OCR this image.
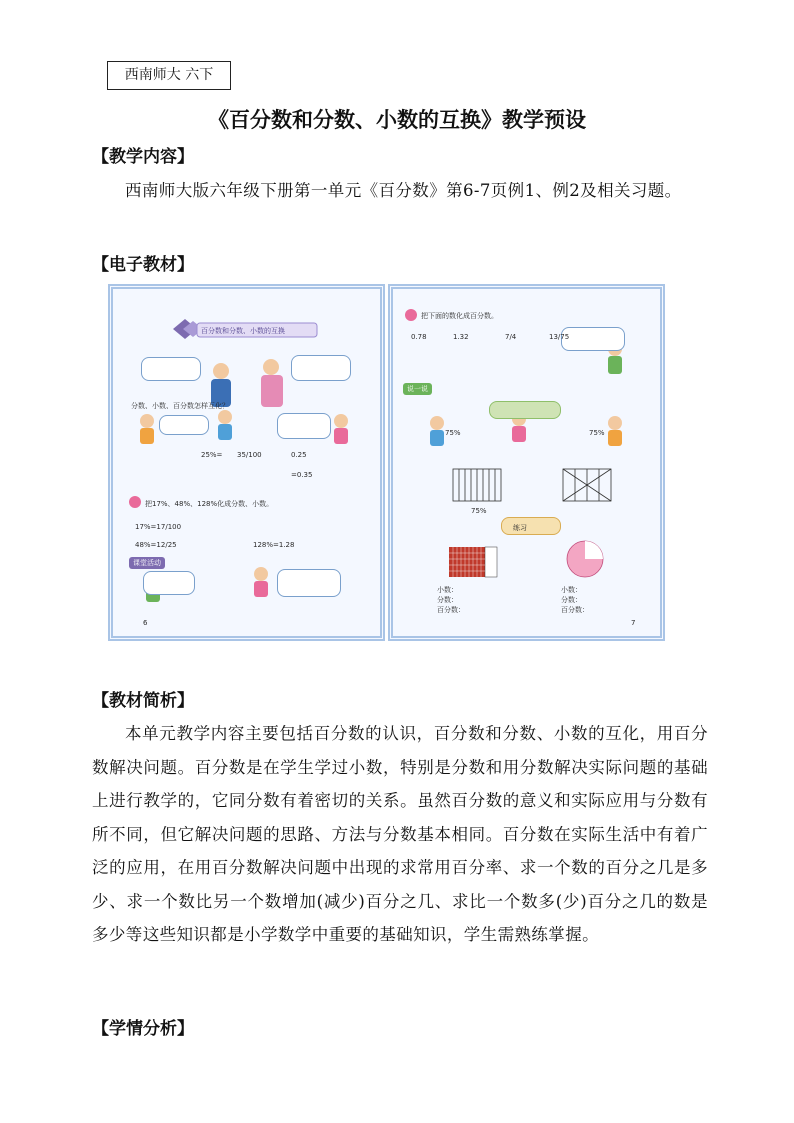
西南师大 六下
《百分数和分数、小数的互换》教学预设
【教学内容】
西南师大版六年级下册第一单元《百分数》第6-7页例1、例2及相关习题。
【电子教材】
百分数和分数、小数的互换
分数、小数、百分数怎样互化？
25%=	0.25
35/100
=0.35
把17%、48%、128%化成分数、小数。
17%=17/100
48%=12/25	128%=1.28
课堂活动
6
把下面的数化成百分数。
0.78	1.32	7/4	13/75
说一说
练习
75%	75%
75%
小数：
分数：
百分数：
小数：
分数：
百分数：
7
【教材简析】
本单元教学内容主要包括百分数的认识，百分数和分数、小数的互化，用百分数解决问题。百分数是在学生学过小数，特别是分数和用分数解决实际问题的基础上进行教学的，它同分数有着密切的关系。虽然百分数的意义和实际应用与分数有所不同，但它解决问题的思路、方法与分数基本相同。百分数在实际生活中有着广泛的应用，在用百分数解决问题中出现的求常用百分率、求一个数的百分之几是多少、求一个数比另一个数增加(减少)百分之几、求比一个数多(少)百分之几的数是多少等这些知识都是小学数学中重要的基础知识，学生需熟练掌握。
【学情分析】
